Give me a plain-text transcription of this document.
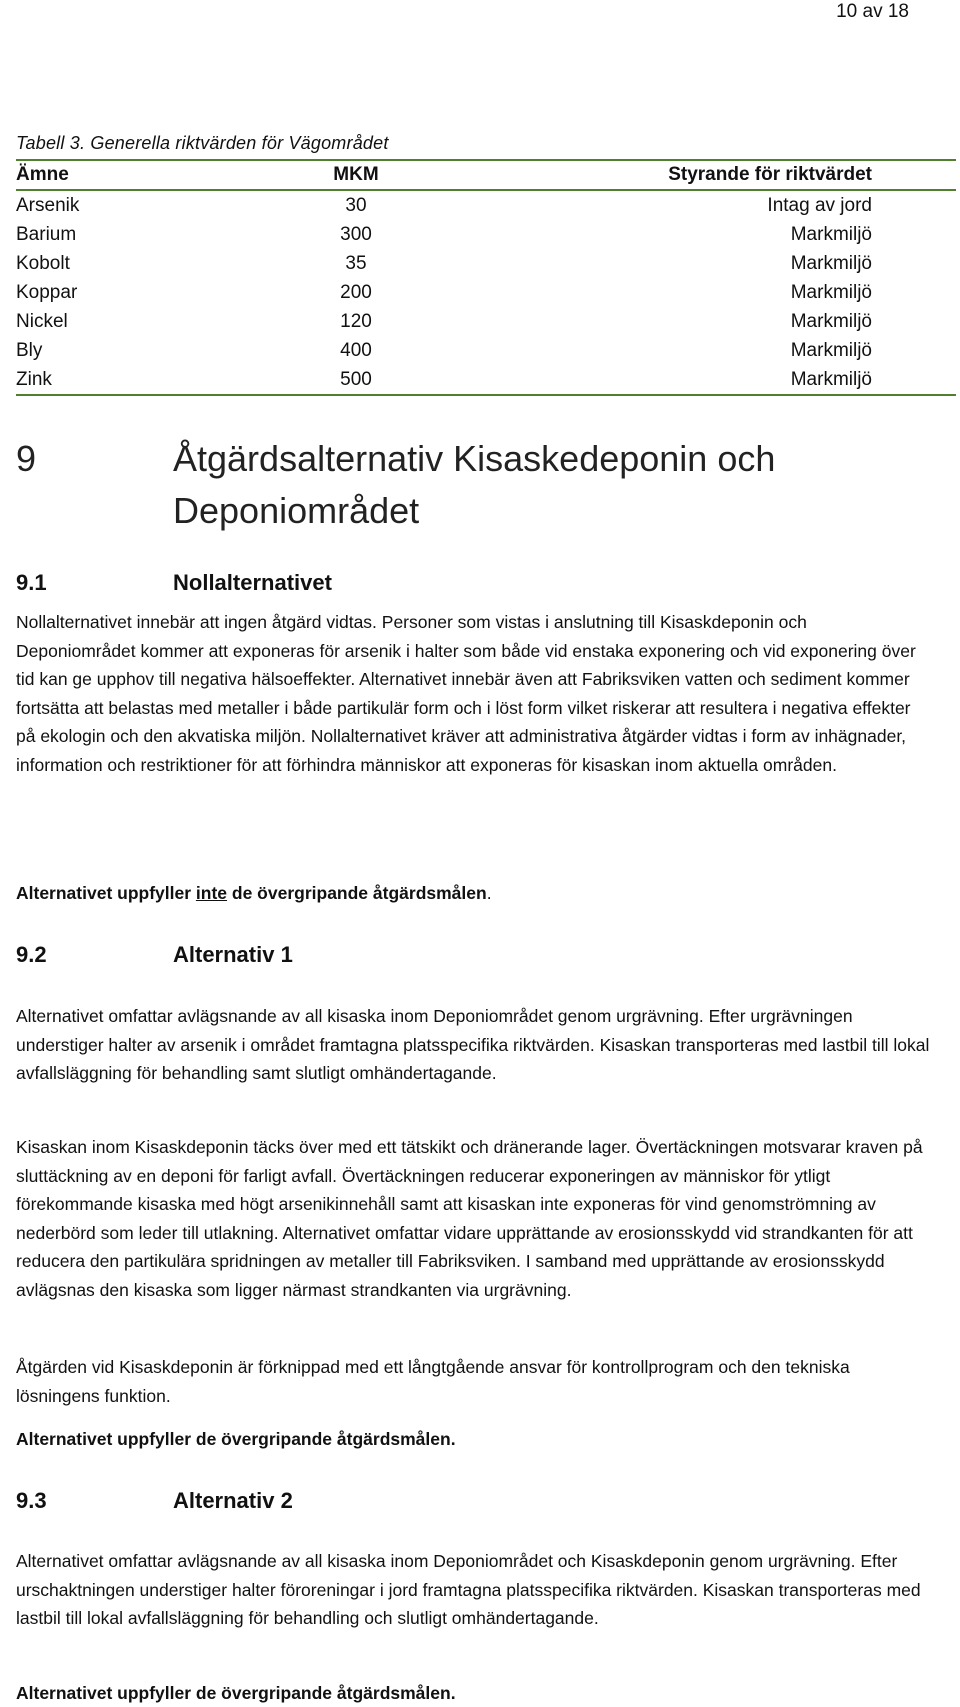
10 av 18
Tabell 3. Generella riktvärden för Vägområdet
Ämne	MKM	Styrande för riktvärdet
Arsenik	30	Intag av jord
Barium	300	Markmiljö
Kobolt	35	Markmiljö
Koppar	200	Markmiljö
Nickel	120	Markmiljö
Bly	400	Markmiljö
Zink	500	Markmiljö
9	Åtgärdsalternativ Kisaskedeponin och Deponiområdet
9.1	Nollalternativet

Nollalternativet innebär att ingen åtgärd vidtas. Personer som vistas i anslutning till Kisaskdeponin och Deponiområdet kommer att exponeras för arsenik i halter som både vid enstaka exponering och vid exponering över tid kan ge upphov till negativa hälsoeffekter. Alternativet innebär även att Fabriksviken vatten och sediment kommer fortsätta att belastas med metaller i både partikulär form och i löst form vilket riskerar att resultera i negativa effekter på ekologin och den akvatiska miljön. Nollalternativet kräver att administrativa åtgärder vidtas i form av inhägnader, information och restriktioner för att förhindra människor att exponeras för kisaskan inom aktuella områden.

Alternativet uppfyller inte de övergripande åtgärdsmålen.
9.2	Alternativ 1

Alternativet omfattar avlägsnande av all kisaska inom Deponiområdet genom urgrävning. Efter urgrävningen understiger halter av arsenik i området framtagna platsspecifika riktvärden. Kisaskan transporteras med lastbil till lokal avfallsläggning för behandling samt slutligt omhändertagande.

Kisaskan inom Kisaskdeponin täcks över med ett tätskikt och dränerande lager. Övertäckningen motsvarar kraven på sluttäckning av en deponi för farligt avfall. Övertäckningen reducerar exponeringen av människor för ytligt förekommande kisaska med högt arsenikinnehåll samt att kisaskan inte exponeras för vind genomströmning av nederbörd som leder till utlakning. Alternativet omfattar vidare upprättande av erosionsskydd vid strandkanten för att reducera den partikulära spridningen av metaller till Fabriksviken. I samband med upprättande av erosionsskydd avlägsnas den kisaska som ligger närmast strandkanten via urgrävning.

Åtgärden vid Kisaskdeponin är förknippad med ett långtgående ansvar för kontrollprogram och den tekniska lösningens funktion.

Alternativet uppfyller de övergripande åtgärdsmålen.
9.3	Alternativ 2

Alternativet omfattar avlägsnande av all kisaska inom Deponiområdet och Kisaskdeponin genom urgrävning. Efter urschaktningen understiger halter föroreningar i jord framtagna platsspecifika riktvärden. Kisaskan transporteras med lastbil till lokal avfallsläggning för behandling och slutligt omhändertagande.

Alternativet uppfyller de övergripande åtgärdsmålen.
